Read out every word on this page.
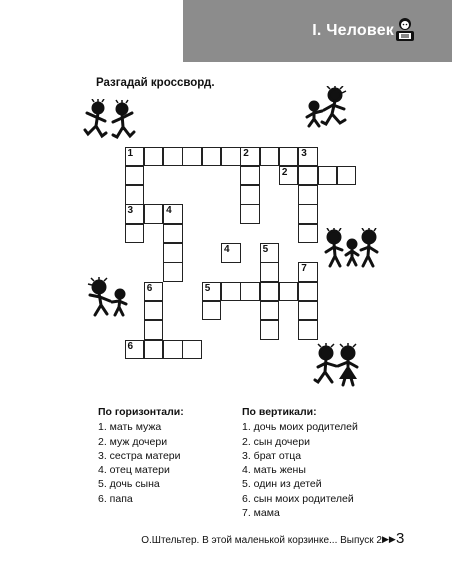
I. Человек
Разгадай кроссворд.
1	2	3
2
3	4
4	5
7
6	5
6
По горизонтали:
1. мать мужа
2. муж дочери
3. сестра матери
4. отец матери
5. дочь сына
6. папа
По вертикали:
1. дочь моих родителей
2. сын дочери
3. брат отца
4. мать жены
5. один из детей
6. сын моих родителей
7. мама
О.Штельтер. В этой маленькой корзинке... Выпуск 2 ▶▶ 3
